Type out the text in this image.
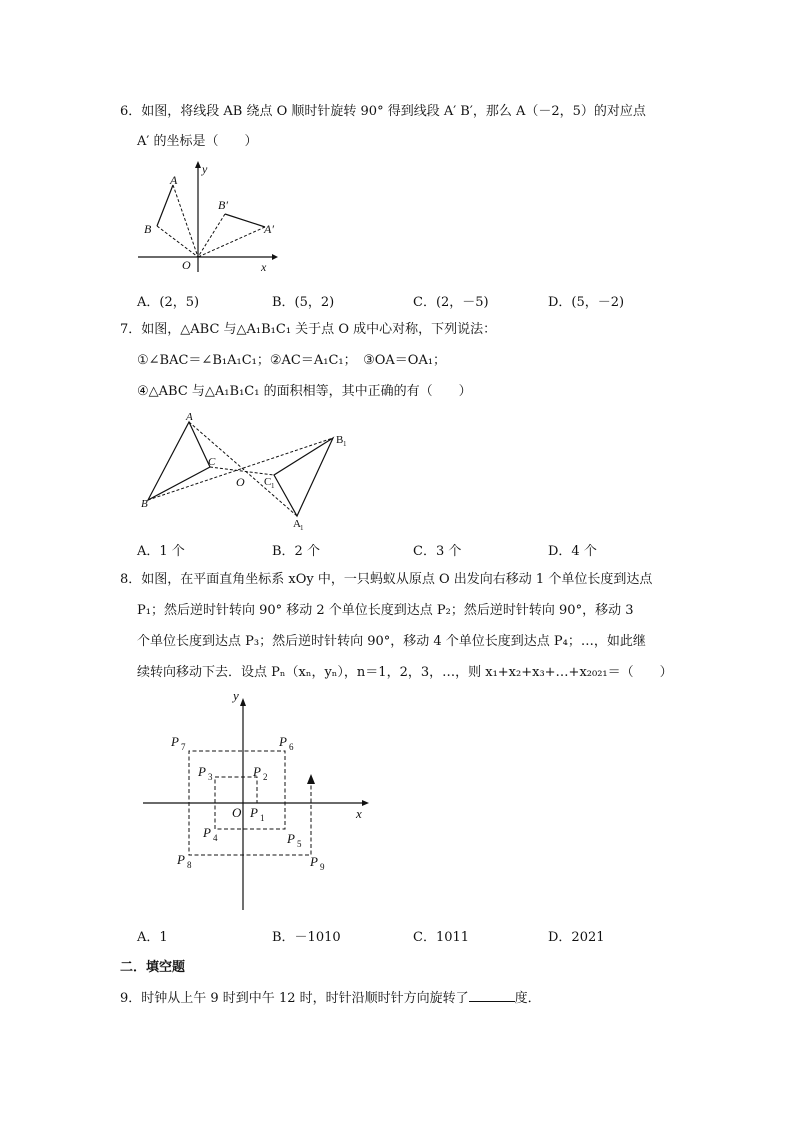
6．如图，将线段 AB 绕点 O 顺时针旋转 90° 得到线段 A′ B′，那么 A（－2，5）的对应点
A′ 的坐标是（　　）
A
B
B′
A′
O	x
y
A．(2，5)	B．(5，2)	C．(2，－5)	D．(5，－2)
7．如图，△ABC 与△A₁B₁C₁ 关于点 O 成中心对称，下列说法：
①∠BAC＝∠B₁A₁C₁；②AC＝A₁C₁；　③OA＝OA₁；
④△ABC 与△A₁B₁C₁ 的面积相等，其中正确的有（　　）
A
B
C
O
B 1
C 1
A 1
A．1 个	B．2 个	C．3 个	D．4 个
8．如图，在平面直角坐标系 xOy 中，一只蚂蚁从原点 O 出发向右移动 1 个单位长度到达点
P₁；然后逆时针转向 90° 移动 2 个单位长度到达点 P₂；然后逆时针转向 90°，移动 3
个单位长度到达点 P₃；然后逆时针转向 90°，移动 4 个单位长度到达点 P₄；…，如此继
续转向移动下去．设点 Pₙ（xₙ，yₙ），n＝1，2，3，…，则 x₁+x₂+x₃+…+x₂₀₂₁＝（　　）
y
x
O P 1
P 2
P 3
P 4	P 5
P 6
P 7
P 8	P 9
A．1	B．－1010	C．1011	D．2021
二．填空题
9．时钟从上午 9 时到中午 12 时，时针沿顺时针方向旋转了	度．
